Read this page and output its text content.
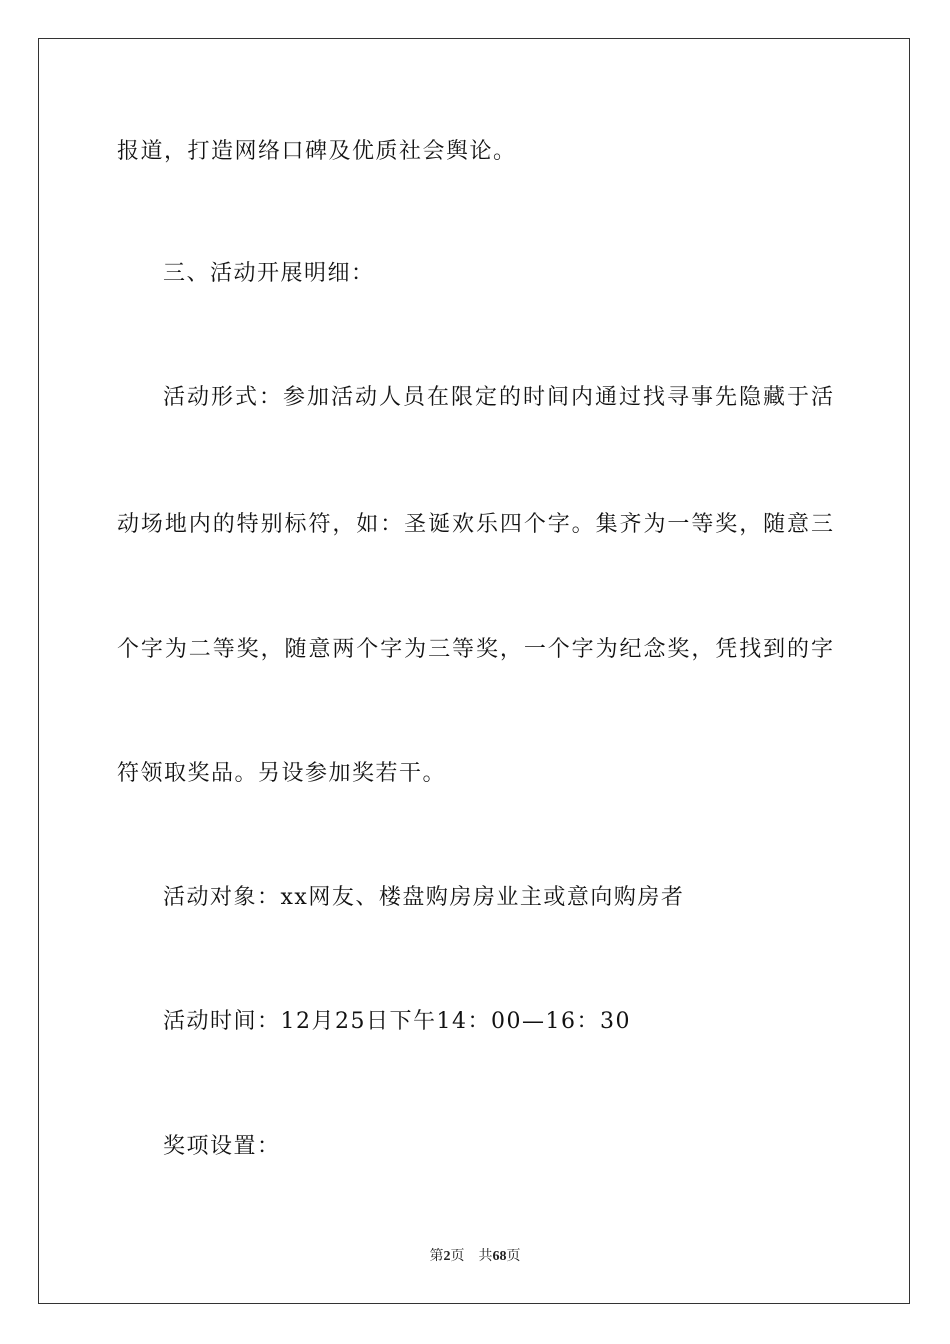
报道，打造网络口碑及优质社会舆论。
三、活动开展明细：
活动形式：参加活动人员在限定的时间内通过找寻事先隐藏于活
动场地内的特别标符，如：圣诞欢乐四个字。集齐为一等奖，随意三
个字为二等奖，随意两个字为三等奖，一个字为纪念奖，凭找到的字
符领取奖品。另设参加奖若干。
活动对象：xx网友、楼盘购房房业主或意向购房者
活动时间：12月25日下午14：00—16：30
奖项设置：
第2页 共68页
